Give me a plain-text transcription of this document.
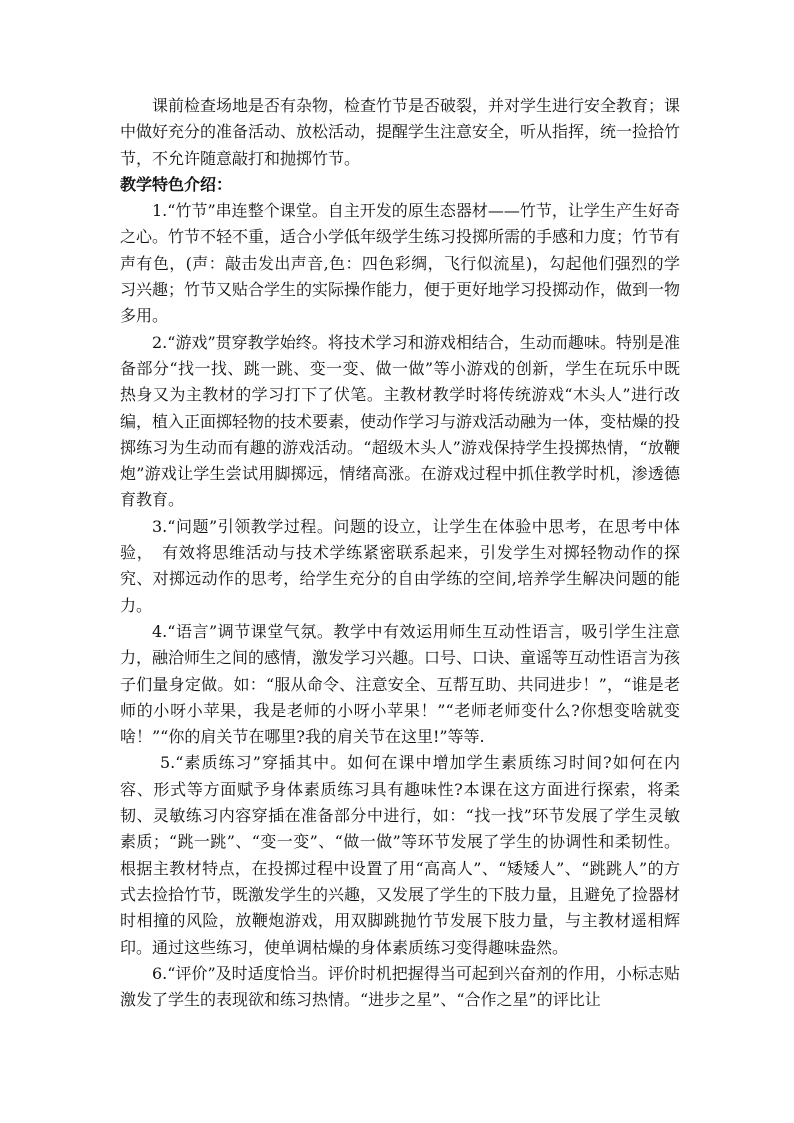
课前检查场地是否有杂物，检查竹节是否破裂，并对学生进行安全教育；课中做好充分的准备活动、放松活动，提醒学生注意安全，听从指挥，统一捡拾竹节，不允许随意敲打和抛掷竹节。

教学特色介绍：

1.“竹节”串连整个课堂。自主开发的原生态器材——竹节，让学生产生好奇之心。竹节不轻不重，适合小学低年级学生练习投掷所需的手感和力度；竹节有声有色，(声：敲击发出声音,色：四色彩绸，飞行似流星)，勾起他们强烈的学习兴趣；竹节又贴合学生的实际操作能力，便于更好地学习投掷动作，做到一物多用。

2.“游戏”贯穿教学始终。将技术学习和游戏相结合，生动而趣味。特别是准备部分“找一找、跳一跳、变一变、做一做”等小游戏的创新，学生在玩乐中既热身又为主教材的学习打下了伏笔。主教材教学时将传统游戏“木头人”进行改编，植入正面掷轻物的技术要素，使动作学习与游戏活动融为一体，变枯燥的投掷练习为生动而有趣的游戏活动。“超级木头人”游戏保持学生投掷热情，“放鞭炮”游戏让学生尝试用脚掷远，情绪高涨。在游戏过程中抓住教学时机，渗透德育教育。

3.“问题”引领教学过程。问题的设立，让学生在体验中思考，在思考中体验，　有效将思维活动与技术学练紧密联系起来，引发学生对掷轻物动作的探究、对掷远动作的思考，给学生充分的自由学练的空间,培养学生解决问题的能力。

4.“语言”调节课堂气氛。教学中有效运用师生互动性语言，吸引学生注意力，融洽师生之间的感情，激发学习兴趣。口号、口诀、童谣等互动性语言为孩子们量身定做。如：“服从命令、注意安全、互帮互助、共同进步！”，“谁是老师的小呀小苹果，我是老师的小呀小苹果！”“老师老师变什么?你想变啥就变啥！”“你的肩关节在哪里?我的肩关节在这里!”等等.

5.“素质练习”穿插其中。如何在课中增加学生素质练习时间?如何在内容、形式等方面赋予身体素质练习具有趣味性?本课在这方面进行探索，将柔韧、灵敏练习内容穿插在准备部分中进行，如：“找一找”环节发展了学生灵敏素质；“跳一跳”、“变一变”、“做一做”等环节发展了学生的协调性和柔韧性。根据主教材特点，在投掷过程中设置了用“高高人”、“矮矮人”、“跳跳人”的方式去捡拾竹节，既激发学生的兴趣，又发展了学生的下肢力量，且避免了捡器材时相撞的风险，放鞭炮游戏，用双脚跳抛竹节发展下肢力量，与主教材遥相辉印。通过这些练习，使单调枯燥的身体素质练习变得趣味盎然。

6.“评价”及时适度恰当。评价时机把握得当可起到兴奋剂的作用，小标志贴激发了学生的表现欲和练习热情。“进步之星”、“合作之星”的评比让
